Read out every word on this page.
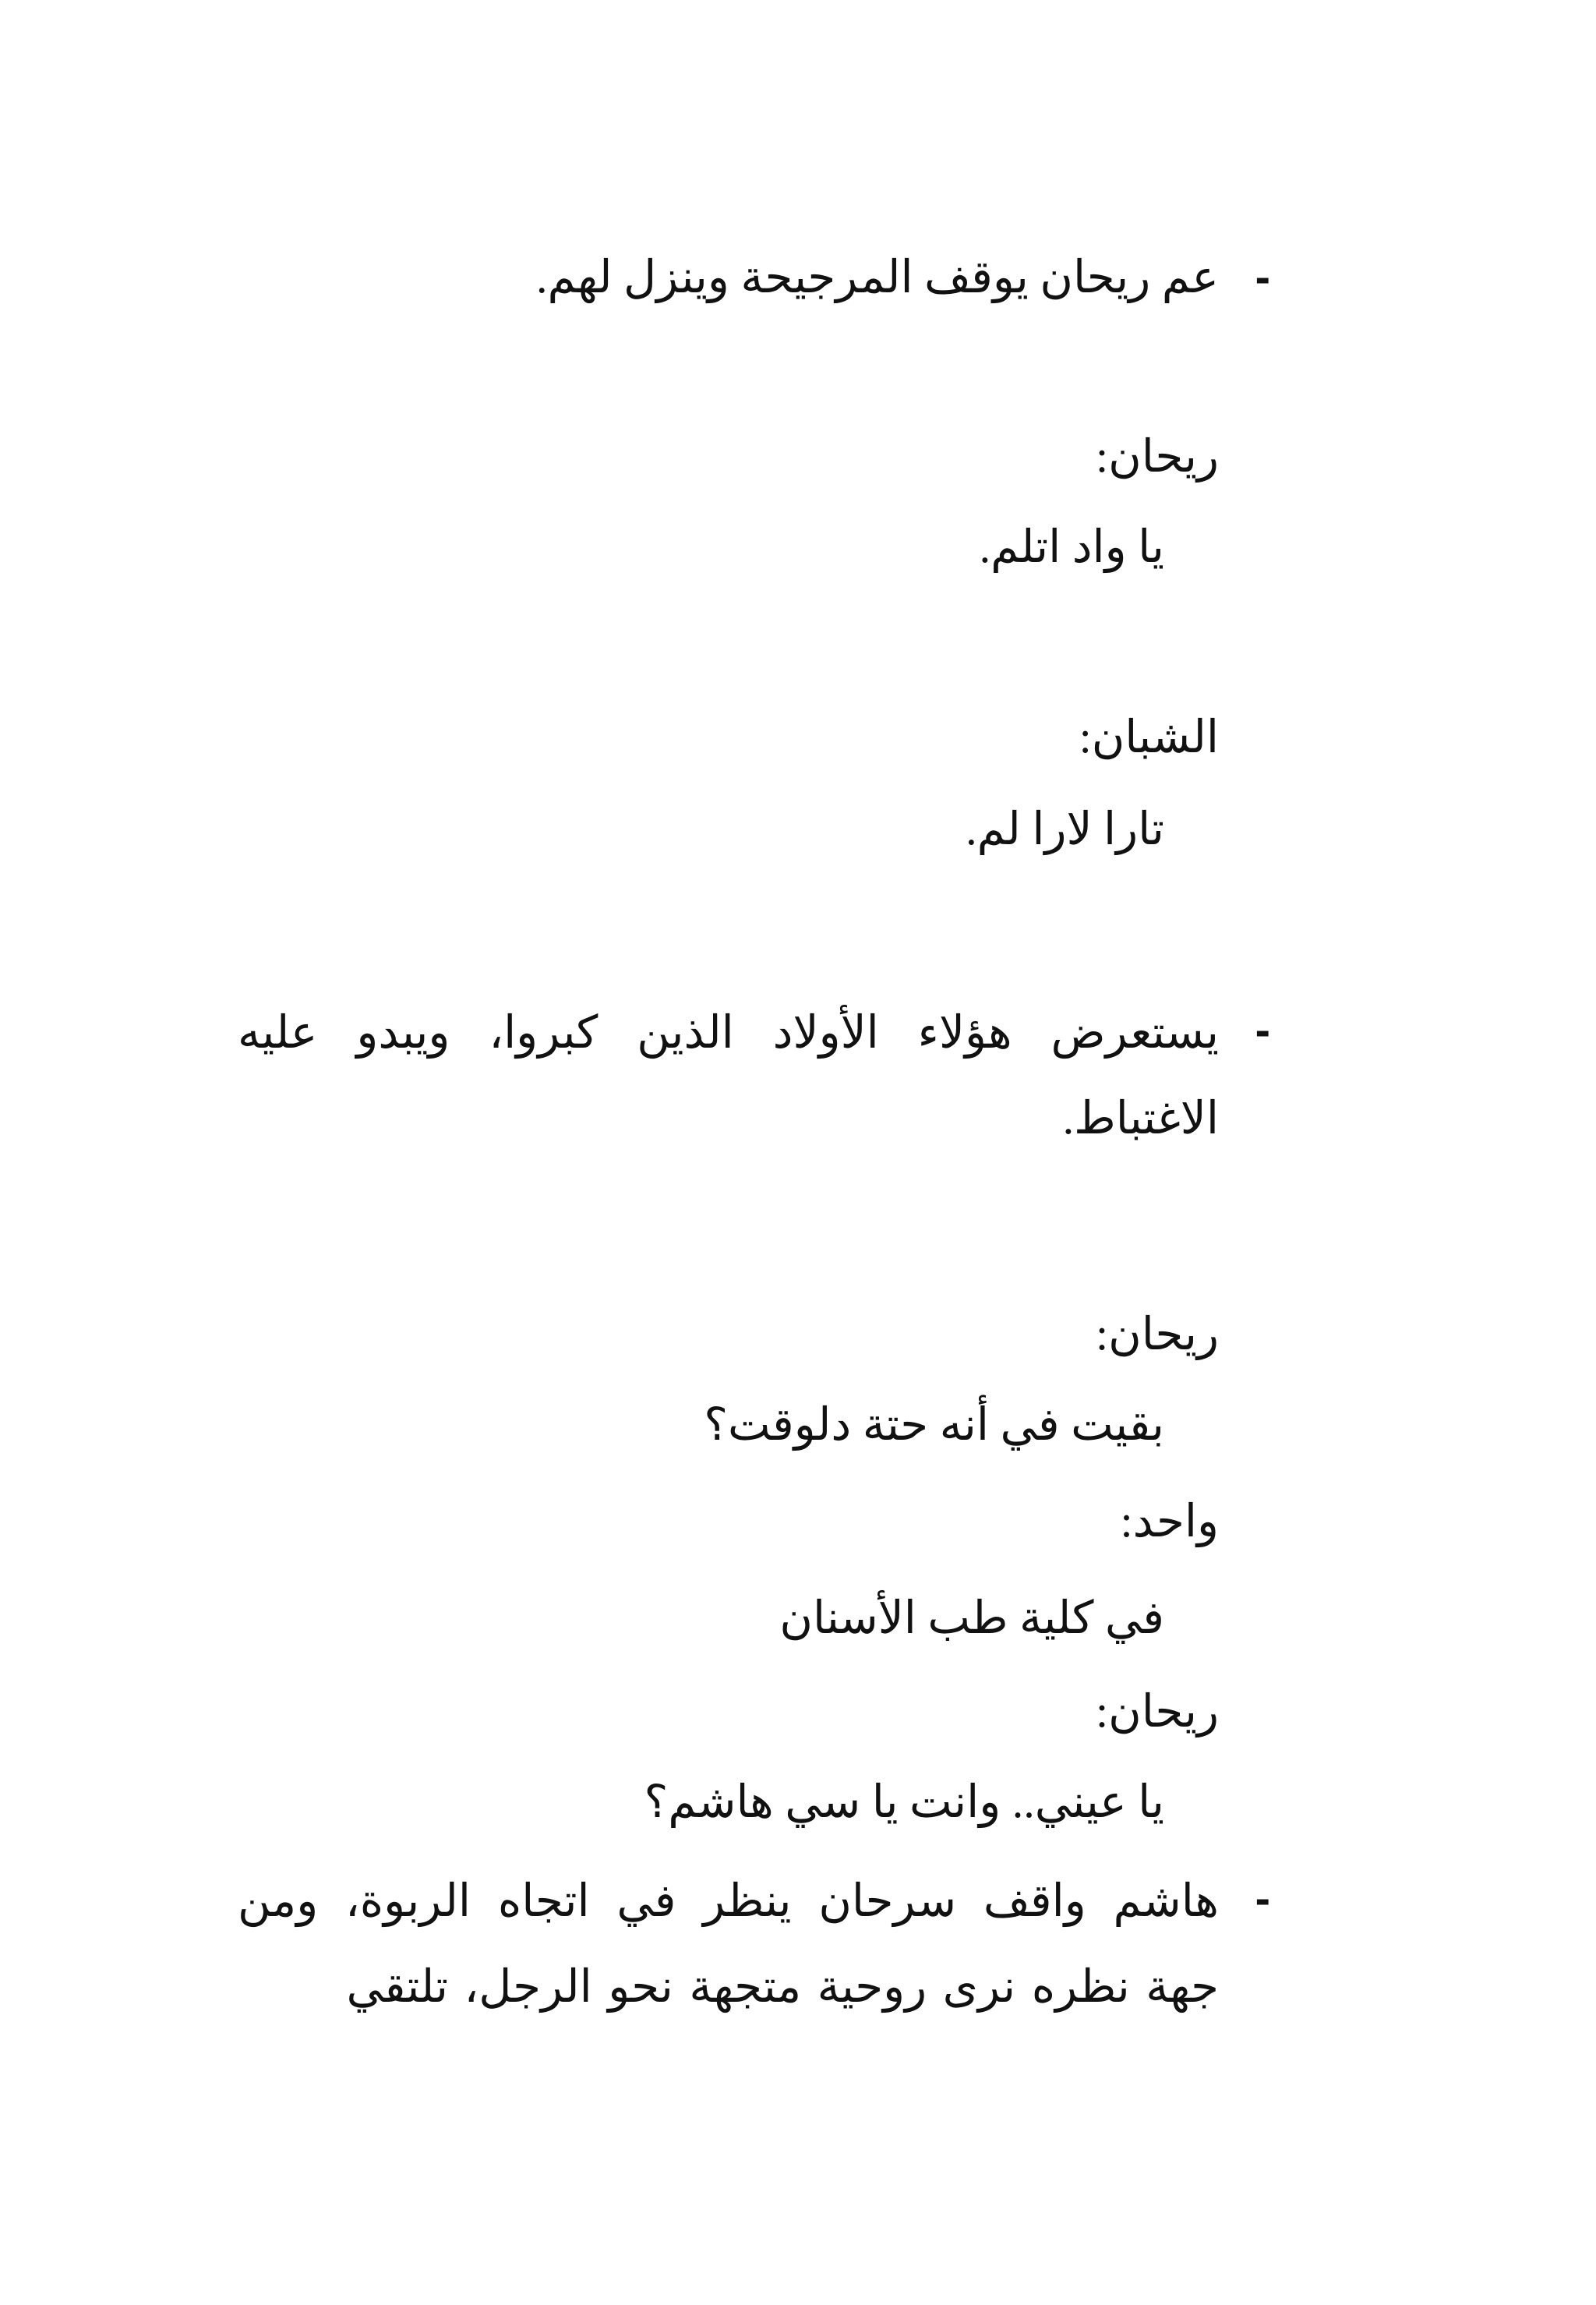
-
عم ريحان يوقف المرجيحة وينزل لهم.
ريحان:
يا واد اتلم.
الشبان:
تارا لارا لم.
-
يستعرض هؤلاء الأولاد الذين كبروا، ويبدو عليه الاغتباط.
ريحان:
بقيت في أنه حتة دلوقت؟
واحد:
في كلية طب الأسنان
ريحان:
يا عيني.. وانت يا سي هاشم؟
-
هاشم واقف سرحان ينظر في اتجاه الربوة، ومن جهة نظره نرى روحية متجهة نحو الرجل، تلتقي
